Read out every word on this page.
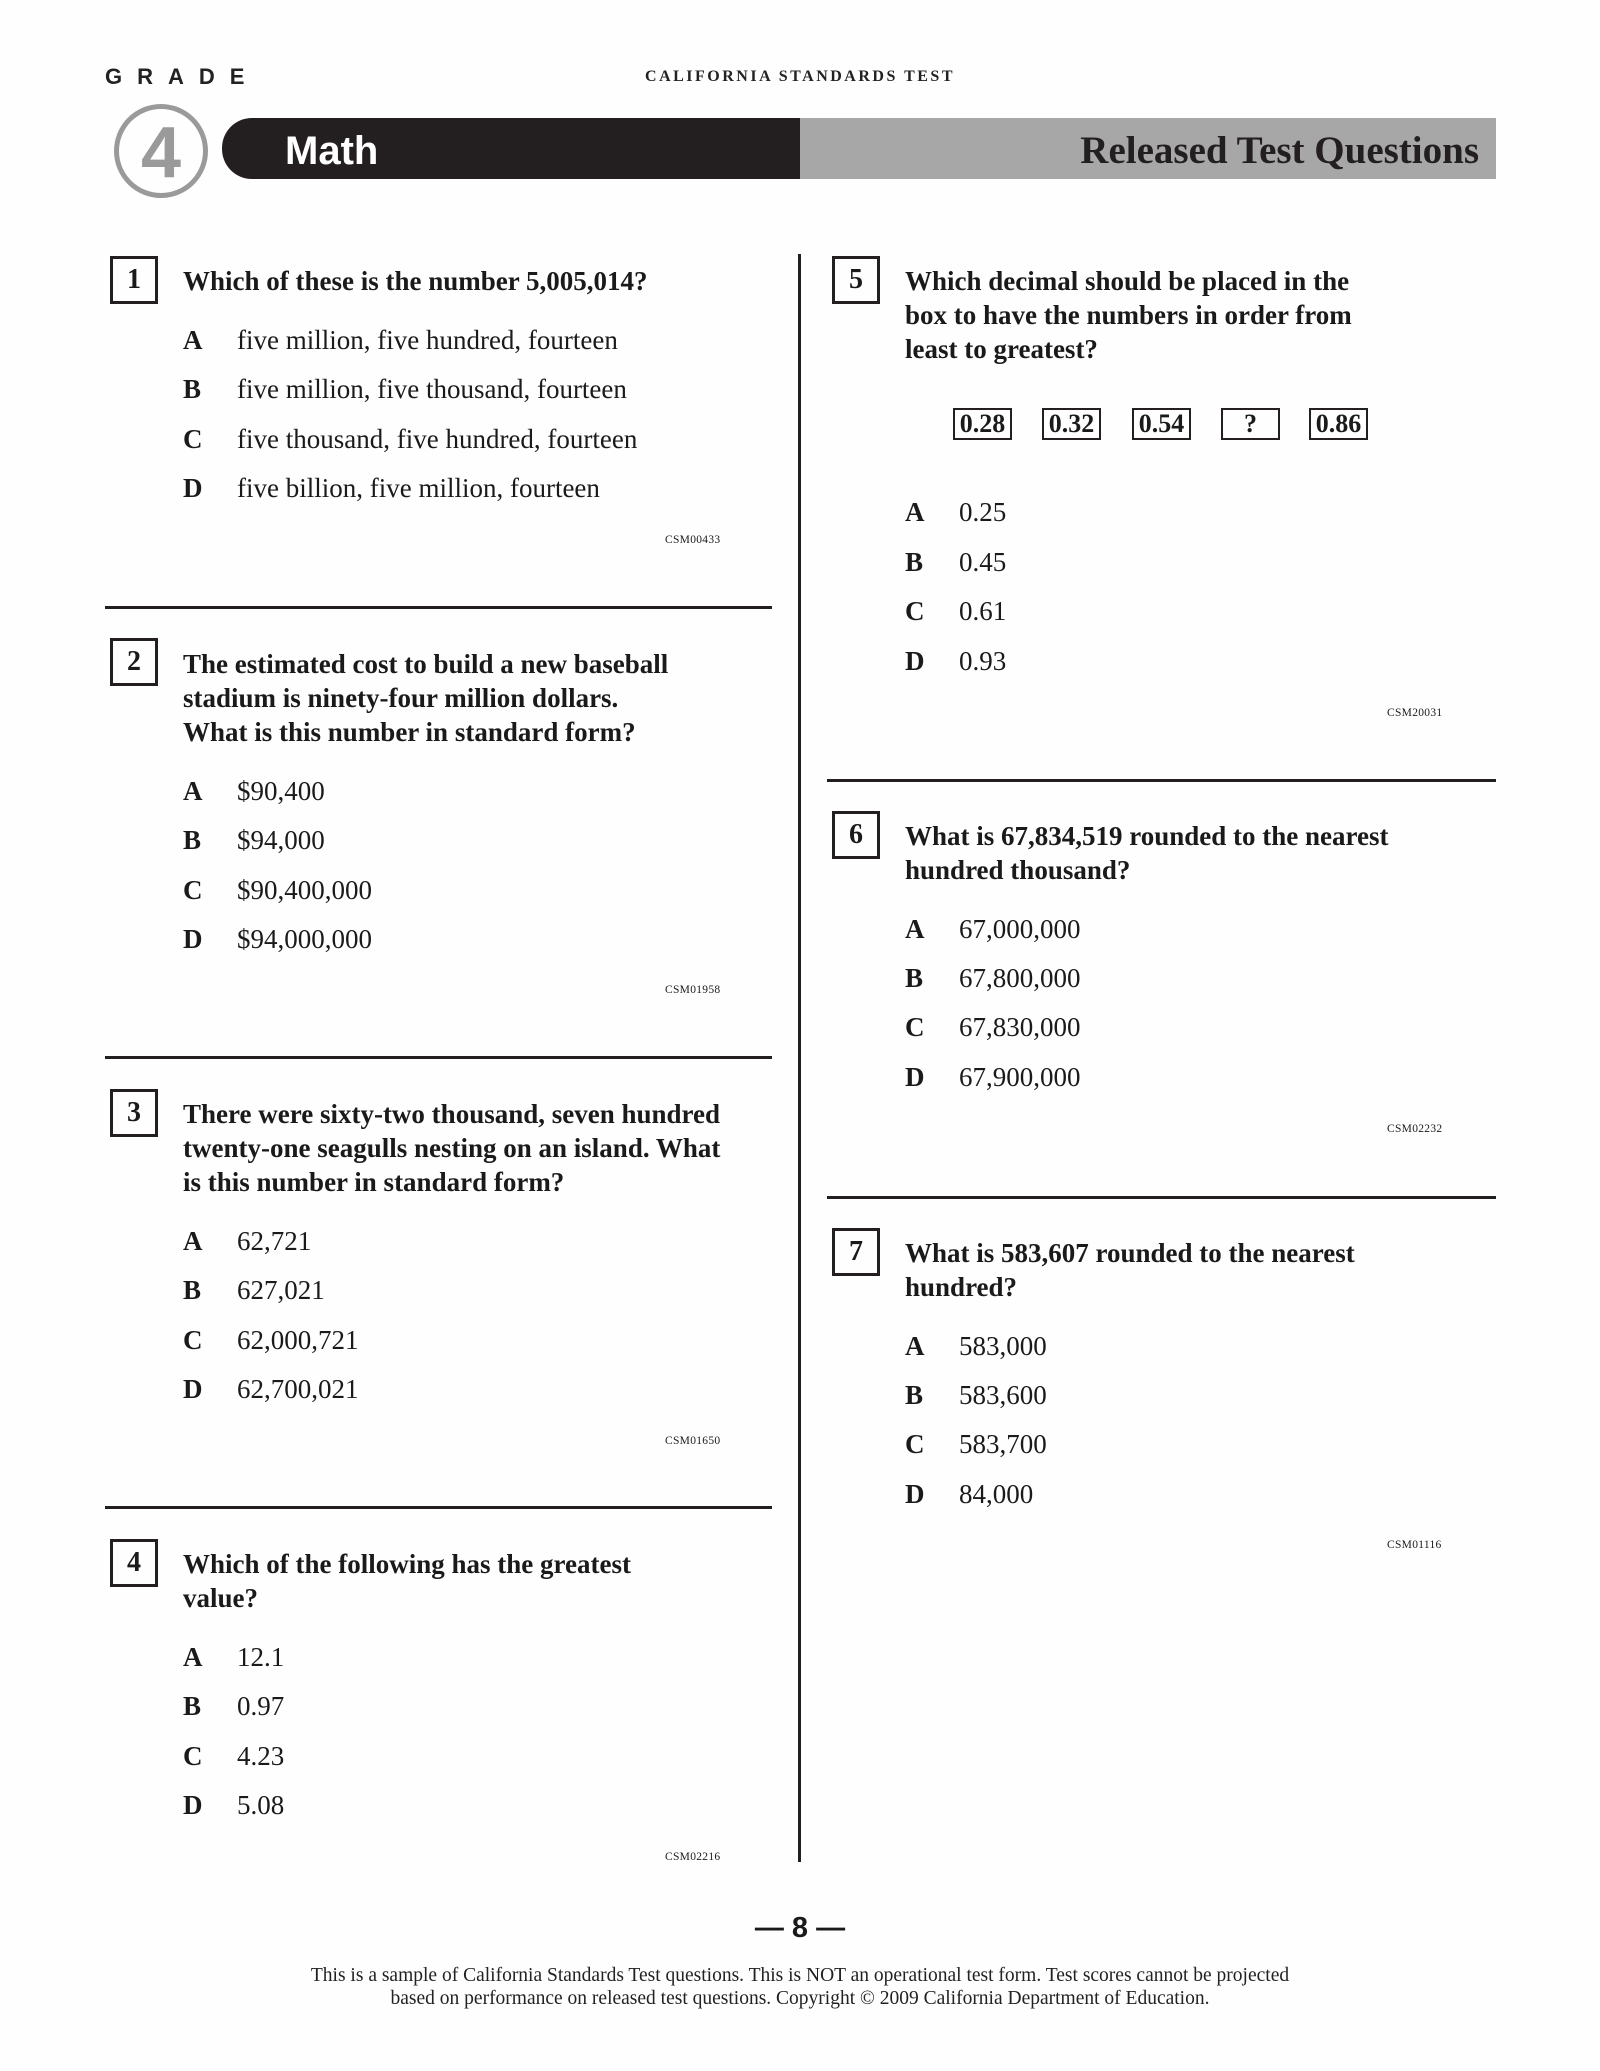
GRADE	CALIFORNIA STANDARDS TEST
4	Math	Released Test Questions
1	Which of these is the number 5,005,014?
A five million, five hundred, fourteen
B five million, five thousand, fourteen
C five thousand, five hundred, fourteen
D five billion, five million, fourteen
CSM00433
2	The estimated cost to build a new baseball
stadium is ninety-four million dollars.
What is this number in standard form?
A $90,400
B $94,000
C $90,400,000
D $94,000,000
CSM01958
3	There were sixty-two thousand, seven hundred
twenty-one seagulls nesting on an island. What
is this number in standard form?
A 62,721
B 627,021
C 62,000,721
D 62,700,021
CSM01650
4	Which of the following has the greatest
value?
A 12.1
B 0.97
C 4.23
D 5.08
CSM02216
5	Which decimal should be placed in the
box to have the numbers in order from
least to greatest?
0.28 0.32 0.54	?	0.86
A 0.25
B 0.45
C 0.61
D 0.93
CSM20031
6	What is 67,834,519 rounded to the nearest
hundred thousand?
A 67,000,000
B 67,800,000
C 67,830,000
D 67,900,000
CSM02232
7	What is 583,607 rounded to the nearest
hundred?
A 583,000
B 583,600
C 583,700
D 84,000
CSM01116
— 8 —
This is a sample of California Standards Test questions. This is NOT an operational test form. Test scores cannot be projected
based on performance on released test questions. Copyright © 2009 California Department of Education.
